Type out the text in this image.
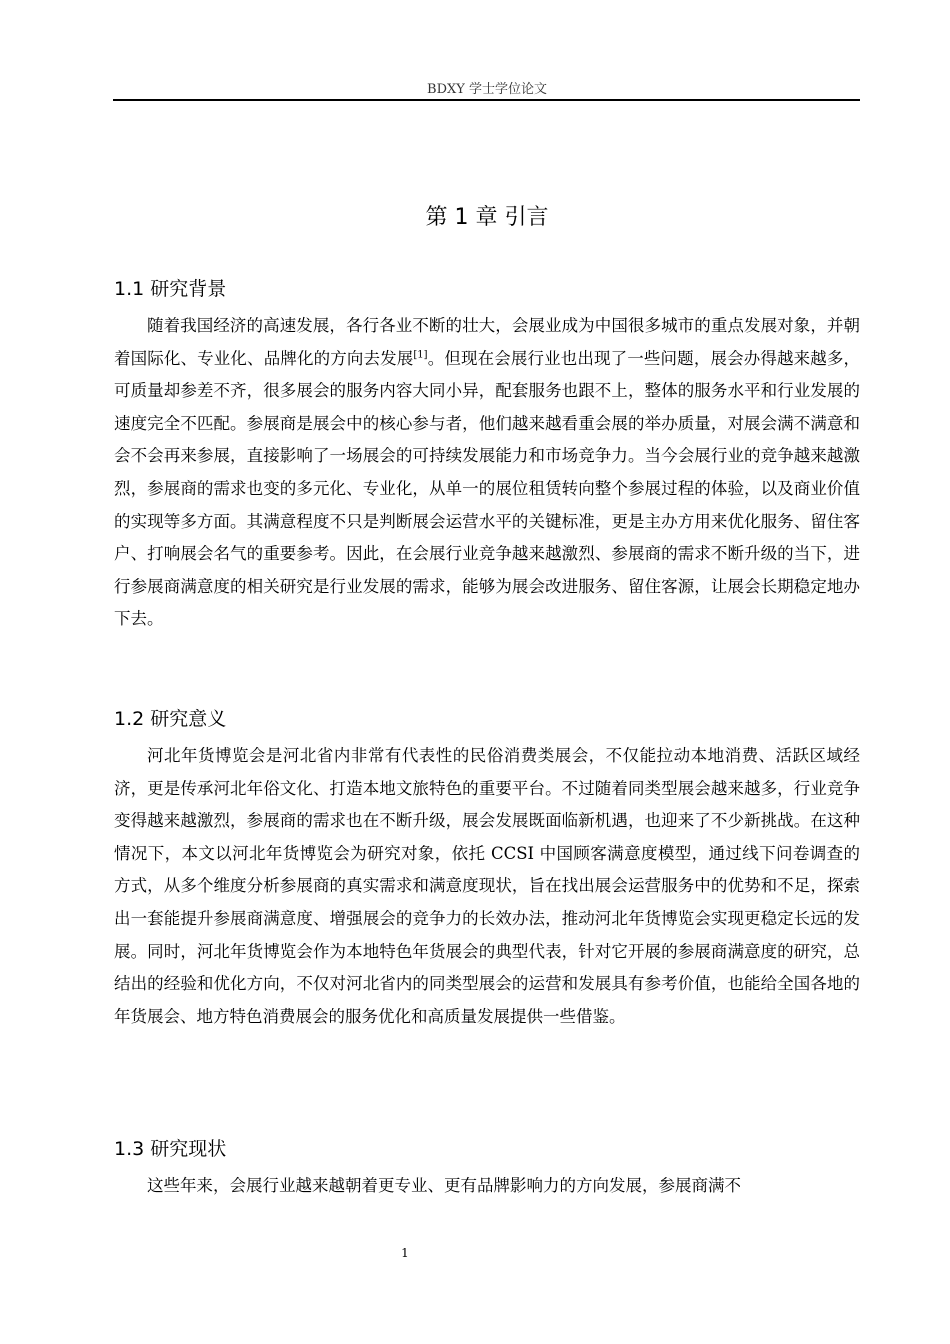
BDXY 学士学位论文
第 1 章 引言
1.1 研究背景

随着我国经济的高速发展，各行各业不断的壮大，会展业成为中国很多城市的重点发展对象，并朝着国际化、专业化、品牌化的方向去发展[1]。但现在会展行业也出现了一些问题，展会办得越来越多，可质量却参差不齐，很多展会的服务内容大同小异，配套服务也跟不上，整体的服务水平和行业发展的速度完全不匹配。参展商是展会中的核心参与者，他们越来越看重会展的举办质量，对展会满不满意和会不会再来参展，直接影响了一场展会的可持续发展能力和市场竞争力。当今会展行业的竞争越来越激烈，参展商的需求也变的多元化、专业化，从单一的展位租赁转向整个参展过程的体验，以及商业价值的实现等多方面。其满意程度不只是判断展会运营水平的关键标准，更是主办方用来优化服务、留住客户、打响展会名气的重要参考。因此，在会展行业竞争越来越激烈、参展商的需求不断升级的当下，进行参展商满意度的相关研究是行业发展的需求，能够为展会改进服务、留住客源，让展会长期稳定地办下去。

1.2 研究意义

河北年货博览会是河北省内非常有代表性的民俗消费类展会，不仅能拉动本地消费、活跃区域经济，更是传承河北年俗文化、打造本地文旅特色的重要平台。不过随着同类型展会越来越多，行业竞争变得越来越激烈，参展商的需求也在不断升级，展会发展既面临新机遇，也迎来了不少新挑战。在这种情况下，本文以河北年货博览会为研究对象，依托 CCSI 中国顾客满意度模型，通过线下问卷调查的方式，从多个维度分析参展商的真实需求和满意度现状，旨在找出展会运营服务中的优势和不足，探索出一套能提升参展商满意度、增强展会的竞争力的长效办法，推动河北年货博览会实现更稳定长远的发展。同时，河北年货博览会作为本地特色年货展会的典型代表，针对它开展的参展商满意度的研究，总结出的经验和优化方向，不仅对河北省内的同类型展会的运营和发展具有参考价值，也能给全国各地的年货展会、地方特色消费展会的服务优化和高质量发展提供一些借鉴。

1.3 研究现状

这些年来，会展行业越来越朝着更专业、更有品牌影响力的方向发展，参展商满不

1
